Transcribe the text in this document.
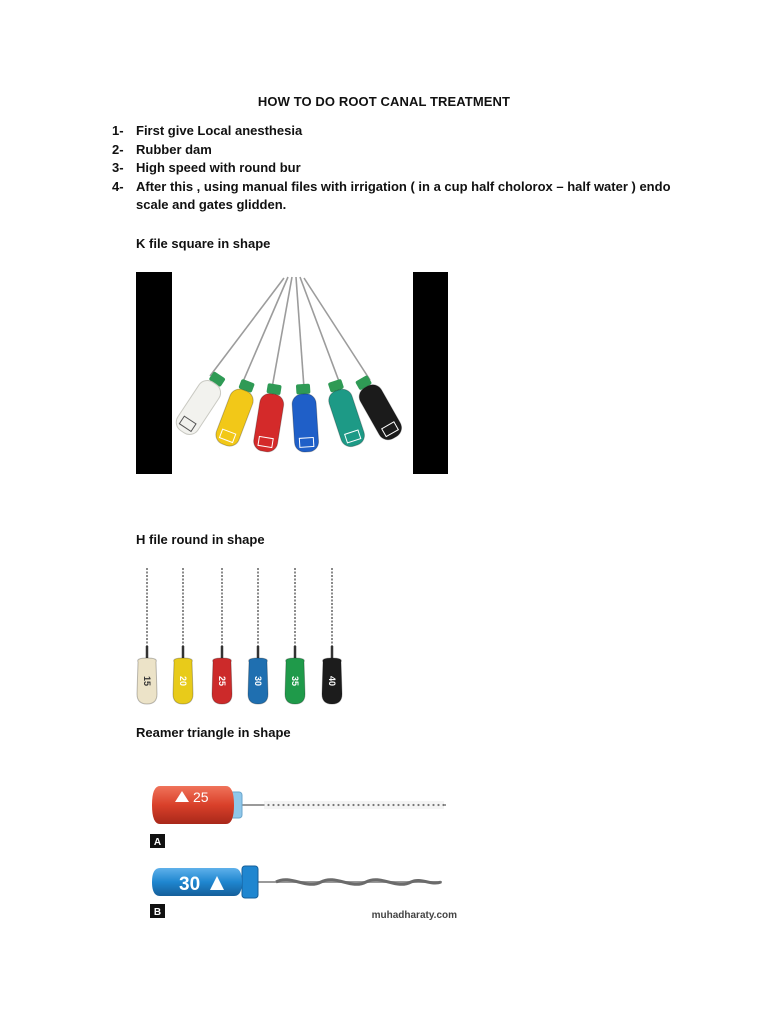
HOW TO DO ROOT CANAL TREATMENT
1- First give Local anesthesia
2- Rubber dam
3- High speed with round bur
4- After this , using manual files with irrigation ( in a cup half cholorox – half water ) endo scale and gates glidden.
K file square in shape
H file round in shape
15	20	25	30	35	40
Reamer triangle in shape
25
A
30
B	muhadharaty.com
